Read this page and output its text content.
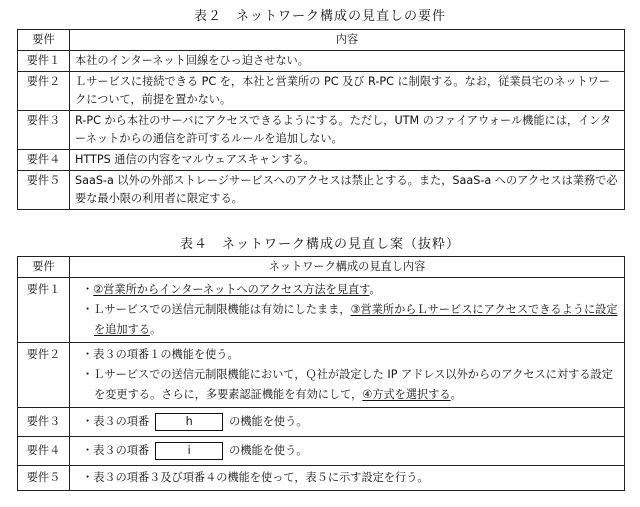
表２　ネットワーク構成の見直しの要件
要件	内容
要件１	本社のインターネット回線をひっ迫させない。
要件２	Ｌサービスに接続できる PC を，本社と営業所の PC 及び R-PC に制限する。なお，従業員宅のネットワークについて，前提を置かない。
要件３	R-PC から本社のサーバにアクセスできるようにする。ただし，UTM のファイアウォール機能には，インターネットからの通信を許可するルールを追加しない。
要件４	HTTPS 通信の内容をマルウェアスキャンする。
要件５	SaaS-a 以外の外部ストレージサービスへのアクセスは禁止とする。また，SaaS-a へのアクセスは業務で必要な最小限の利用者に限定する。
表４　ネットワーク構成の見直し案（抜粋）
要件	ネットワーク構成の見直し内容
要件１	・②営業所からインターネットへのアクセス方法を見直す。
・Ｌサービスでの送信元制限機能は有効にしたまま，③営業所からＬサービスにアクセスできるように設定を追加する。

要件２	・表３の項番１の機能を使う。
・Ｌサービスでの送信元制限機能において，Ｑ社が設定した IP アドレス以外からのアクセスに対する設定を変更する。さらに，多要素認証機能を有効にして，④方式を選択する。

要件３	・表３の項番 h の機能を使う。
要件４	・表３の項番 i の機能を使う。
要件５	・表３の項番３及び項番４の機能を使って，表５に示す設定を行う。
